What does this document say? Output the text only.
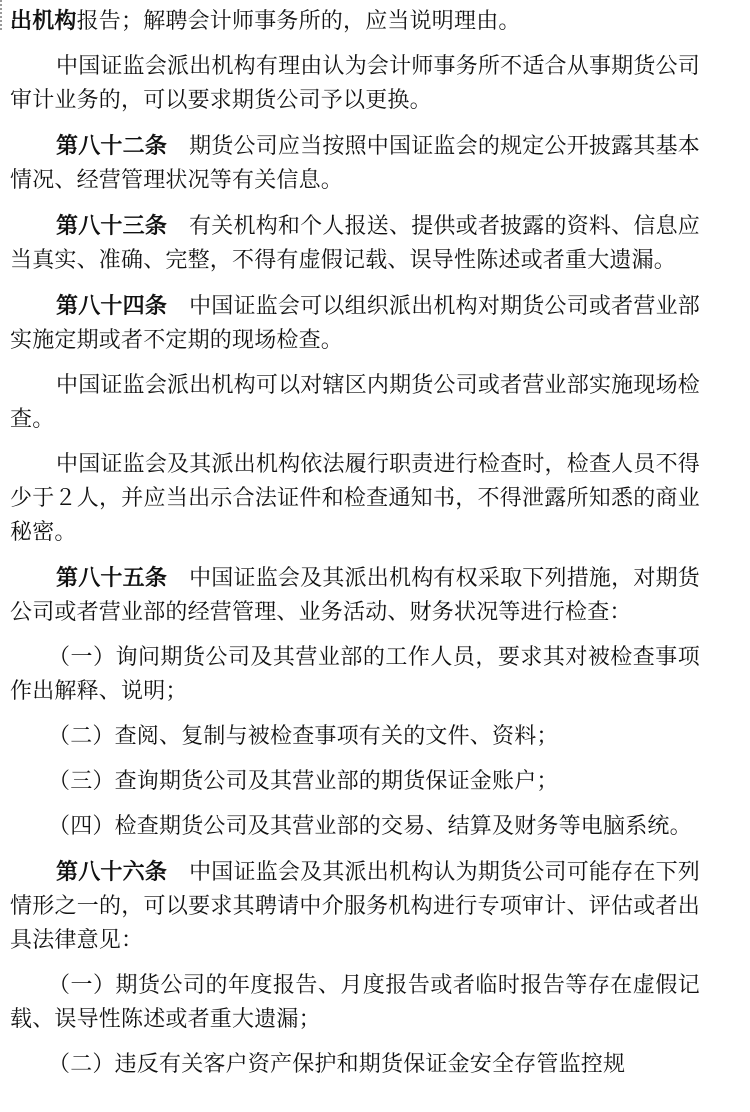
出机构报告；解聘会计师事务所的，应当说明理由。

中国证监会派出机构有理由认为会计师事务所不适合从事期货公司审计业务的，可以要求期货公司予以更换。

第八十二条 期货公司应当按照中国证监会的规定公开披露其基本情况、经营管理状况等有关信息。

第八十三条 有关机构和个人报送、提供或者披露的资料、信息应当真实、准确、完整，不得有虚假记载、误导性陈述或者重大遗漏。

第八十四条 中国证监会可以组织派出机构对期货公司或者营业部实施定期或者不定期的现场检查。

中国证监会派出机构可以对辖区内期货公司或者营业部实施现场检查。

中国证监会及其派出机构依法履行职责进行检查时，检查人员不得少于２人，并应当出示合法证件和检查通知书，不得泄露所知悉的商业秘密。

第八十五条 中国证监会及其派出机构有权采取下列措施，对期货公司或者营业部的经营管理、业务活动、财务状况等进行检查：

（一）询问期货公司及其营业部的工作人员，要求其对被检查事项作出解释、说明；

（二）查阅、复制与被检查事项有关的文件、资料；

（三）查询期货公司及其营业部的期货保证金账户；

（四）检查期货公司及其营业部的交易、结算及财务等电脑系统。

第八十六条 中国证监会及其派出机构认为期货公司可能存在下列情形之一的，可以要求其聘请中介服务机构进行专项审计、评估或者出具法律意见：

（一）期货公司的年度报告、月度报告或者临时报告等存在虚假记载、误导性陈述或者重大遗漏；

（二）违反有关客户资产保护和期货保证金安全存管监控规
